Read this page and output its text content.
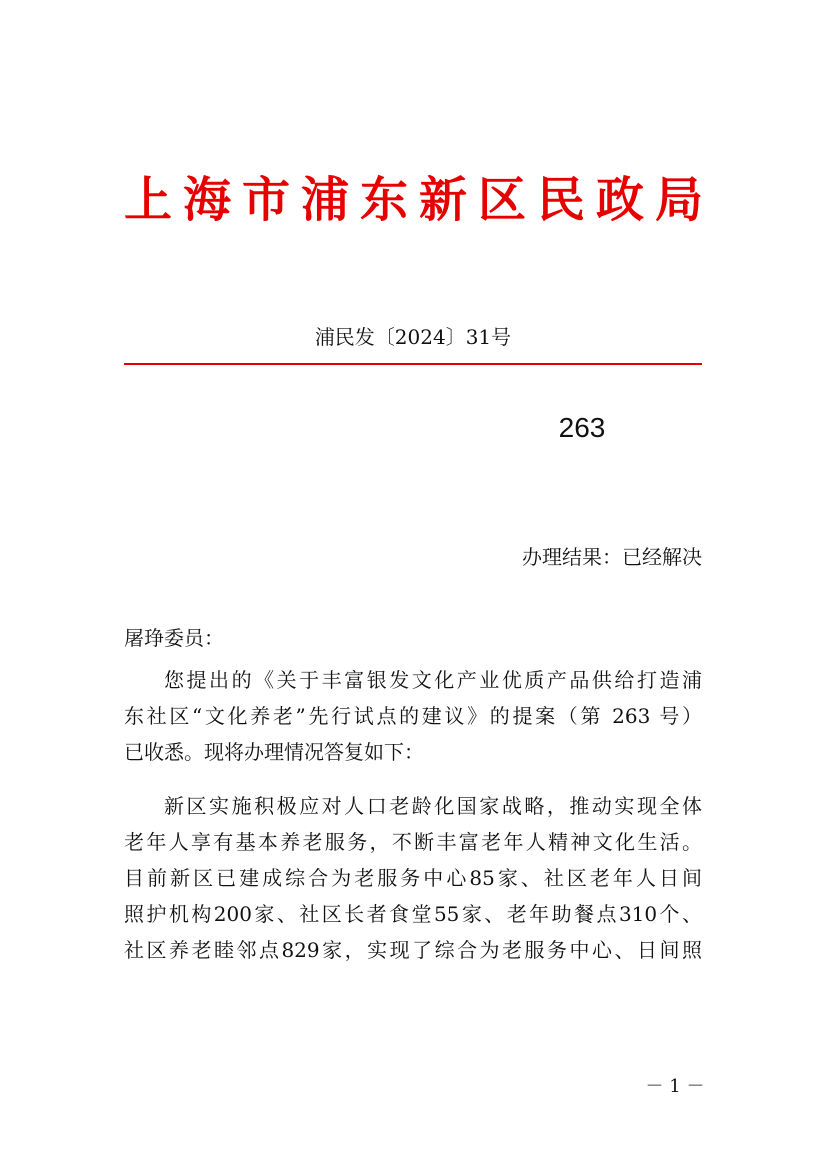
上海市浦东新区民政局
浦民发〔2024〕31号
263
办理结果：已经解决
屠琤委员：
您提出的《关于丰富银发文化产业优质产品供给打造浦
东社区“文化养老”先行试点的建议》的提案（第 263 号）
已收悉。现将办理情况答复如下：
新区实施积极应对人口老龄化国家战略，推动实现全体
老年人享有基本养老服务，不断丰富老年人精神文化生活。
目前新区已建成综合为老服务中心85家、社区老年人日间
照护机构200家、社区长者食堂55家、老年助餐点310个、
社区养老睦邻点829家，实现了综合为老服务中心、日间照
－ 1 －
